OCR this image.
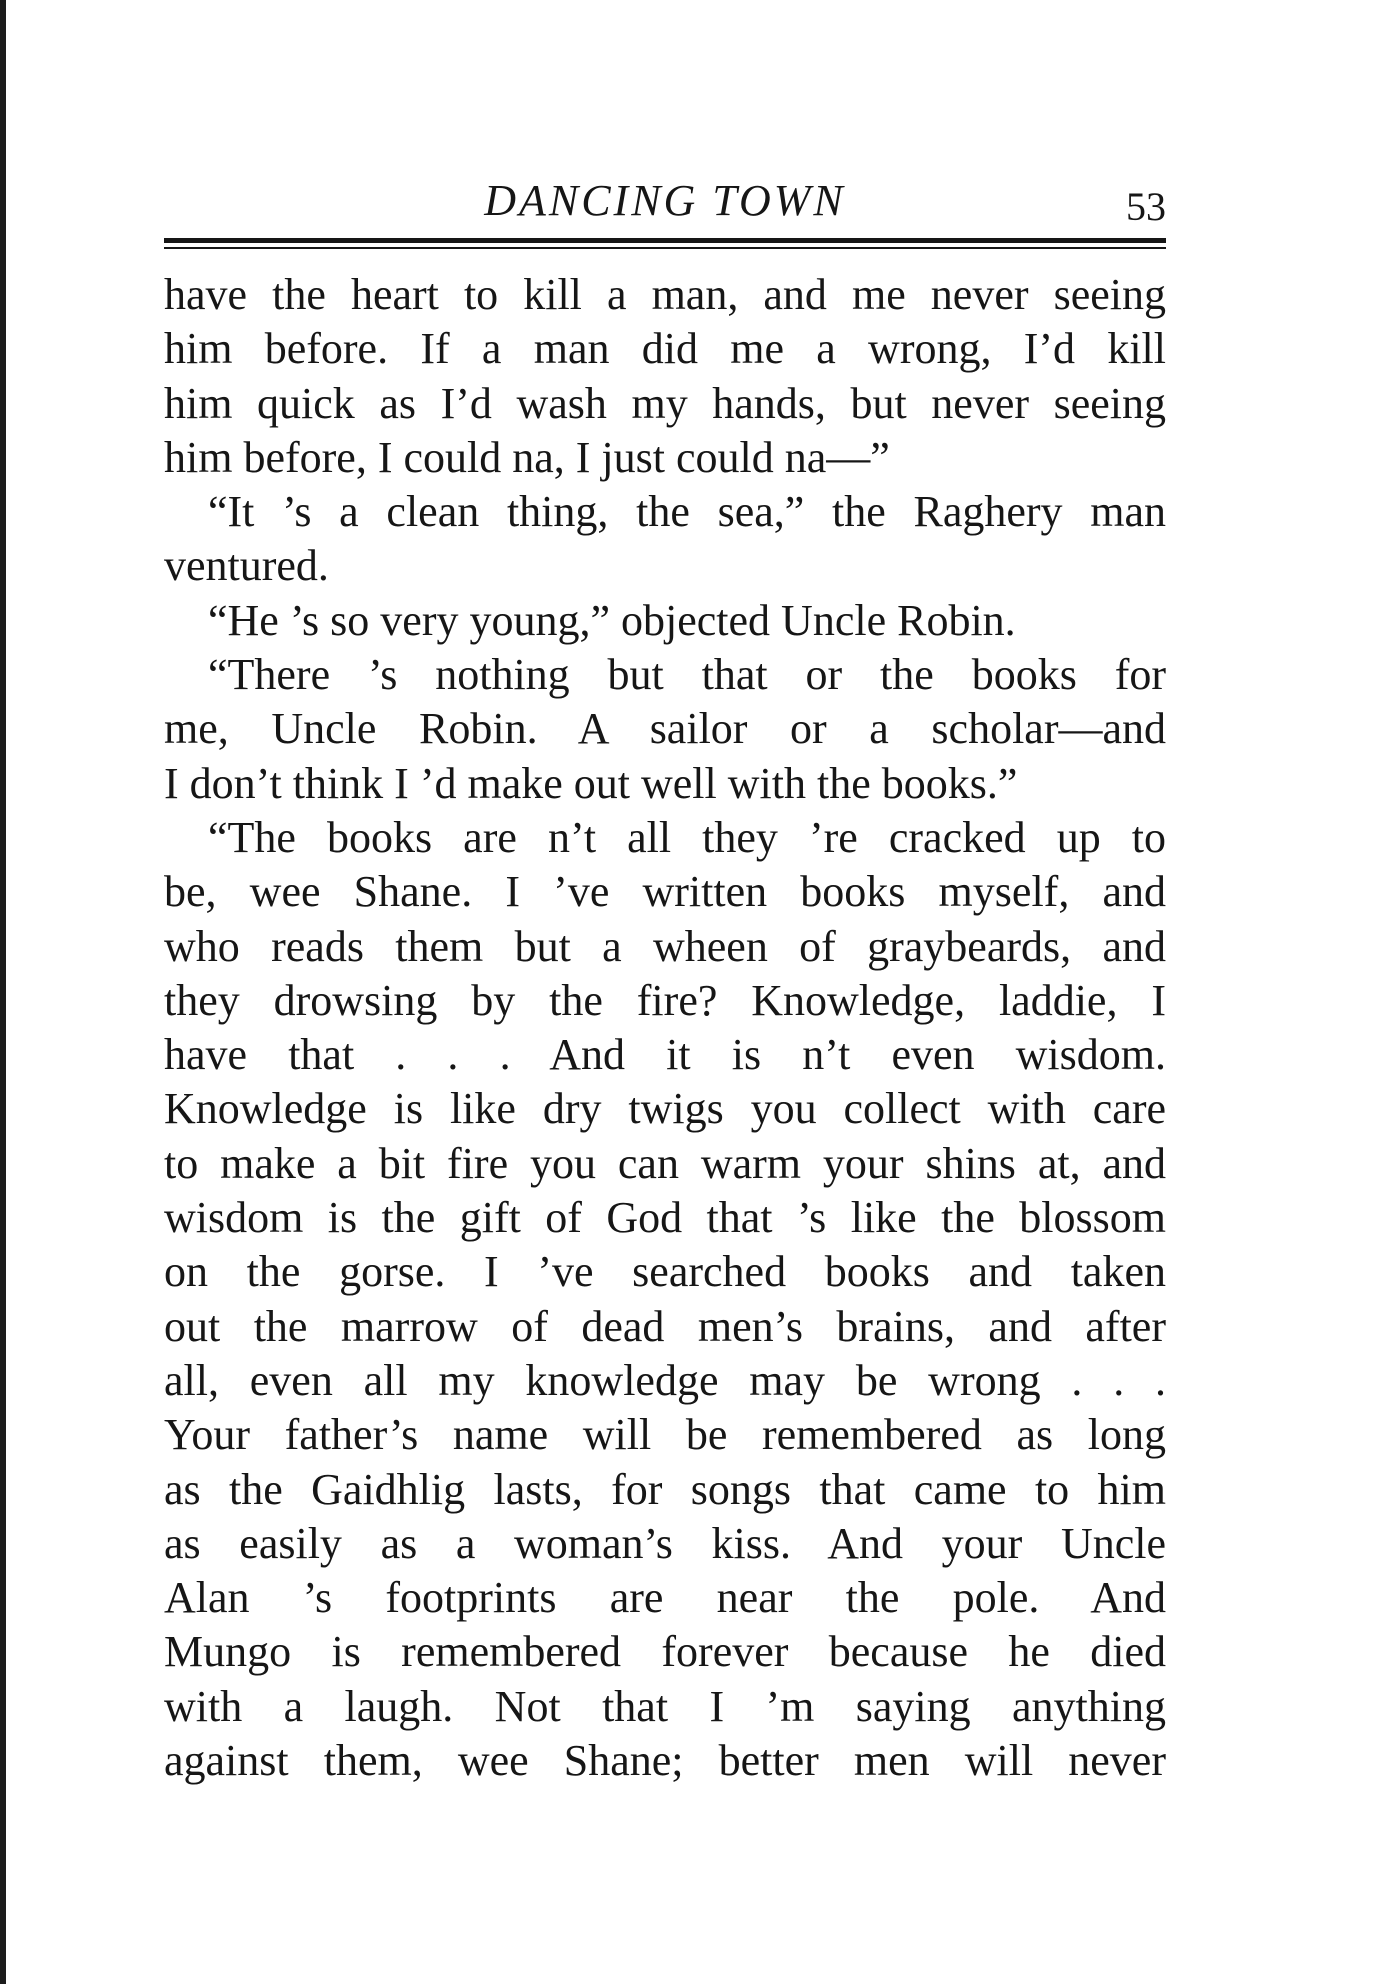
DANCING TOWN	53
have the heart to kill a man, and me never seeing
him before. If a man did me a wrong, I’d kill
him quick as I’d wash my hands, but never seeing
him before, I could na, I just could na—”
“It ’s a clean thing, the sea,” the Raghery man
ventured.
“He ’s so very young,” objected Uncle Robin.
“There ’s nothing but that or the books for
me, Uncle Robin. A sailor or a scholar—and
I don’t think I ’d make out well with the books.”
“The books are n’t all they ’re cracked up to
be, wee Shane. I ’ve written books myself, and
who reads them but a wheen of graybeards, and
they drowsing by the fire? Knowledge, laddie, I
have that . . . And it is n’t even wisdom.
Knowledge is like dry twigs you collect with care
to make a bit fire you can warm your shins at, and
wisdom is the gift of God that ’s like the blossom
on the gorse. I ’ve searched books and taken
out the marrow of dead men’s brains, and after
all, even all my knowledge may be wrong . . .
Your father’s name will be remembered as long
as the Gaidhlig lasts, for songs that came to him
as easily as a woman’s kiss. And your Uncle
Alan ’s footprints are near the pole. And
Mungo is remembered forever because he died
with a laugh. Not that I ’m saying anything
against them, wee Shane; better men will never
